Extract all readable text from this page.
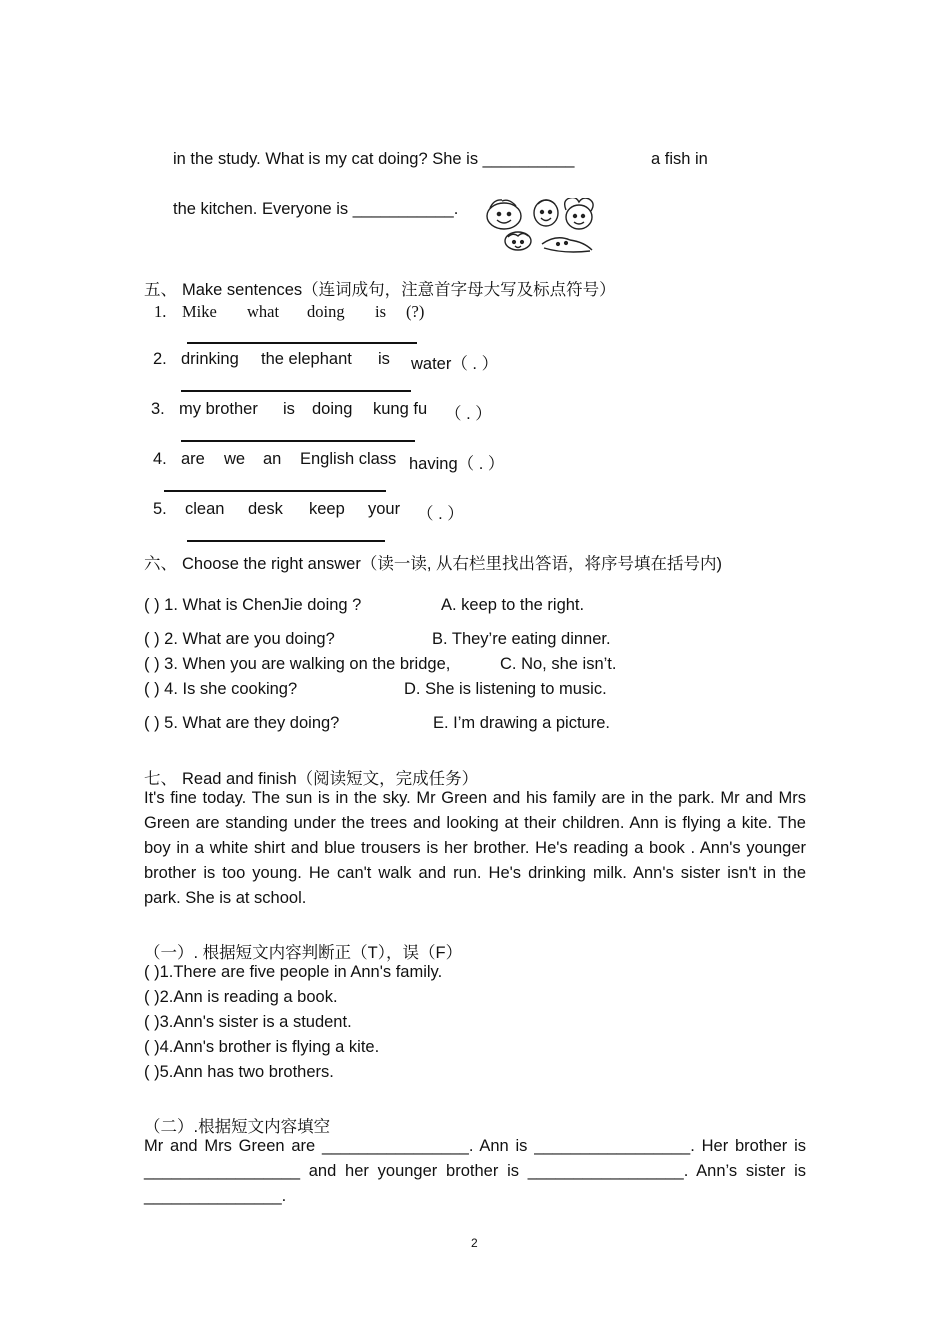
in the study. What is my cat doing? She is __________	a fish in
the kitchen. Everyone is ___________.
五、 Make sentences（连词成句，注意首字母大写及标点符号）
1. Mike what doing is (?)
2. drinking the elephant is water（ . ）
3. my brother is doing kung fu （ . ）
4. are we an English class having（ . ）
5. clean desk keep your （ . ）
六、 Choose the right answer（读一读, 从右栏里找出答语，将序号填在括号内)
( ) 1. What is ChenJie doing ?	A. keep to the right.
( ) 2. What are you doing?	B. They’re eating dinner.
( ) 3. When you are walking on the bridge,	C. No, she isn’t.
( ) 4. Is she cooking?	D. She is listening to music.
( ) 5. What are they doing?	E. I’m drawing a picture.
七、 Read and finish（阅读短文，完成任务）
It's fine today. The sun is in the sky. Mr Green and his family are in the park. Mr and Mrs Green are standing under the trees and looking at their children. Ann is flying a kite. The boy in a white shirt and blue trousers is her brother. He's reading a book . Ann's younger brother is too young. He can't walk and run. He's drinking milk. Ann's sister isn't in the park. She is at school.
（一）. 根据短文内容判断正（T），误（F）
( )1.There are five people in Ann's family.
( )2.Ann is reading a book.
( )3.Ann's sister is a student.
( )4.Ann's brother is flying a kite.
( )5.Ann has two brothers.
（二）.根据短文内容填空
Mr and Mrs Green are ________________. Ann is _________________. Her brother is _________________ and her younger brother is _________________. Ann’s sister is _______________.
2
